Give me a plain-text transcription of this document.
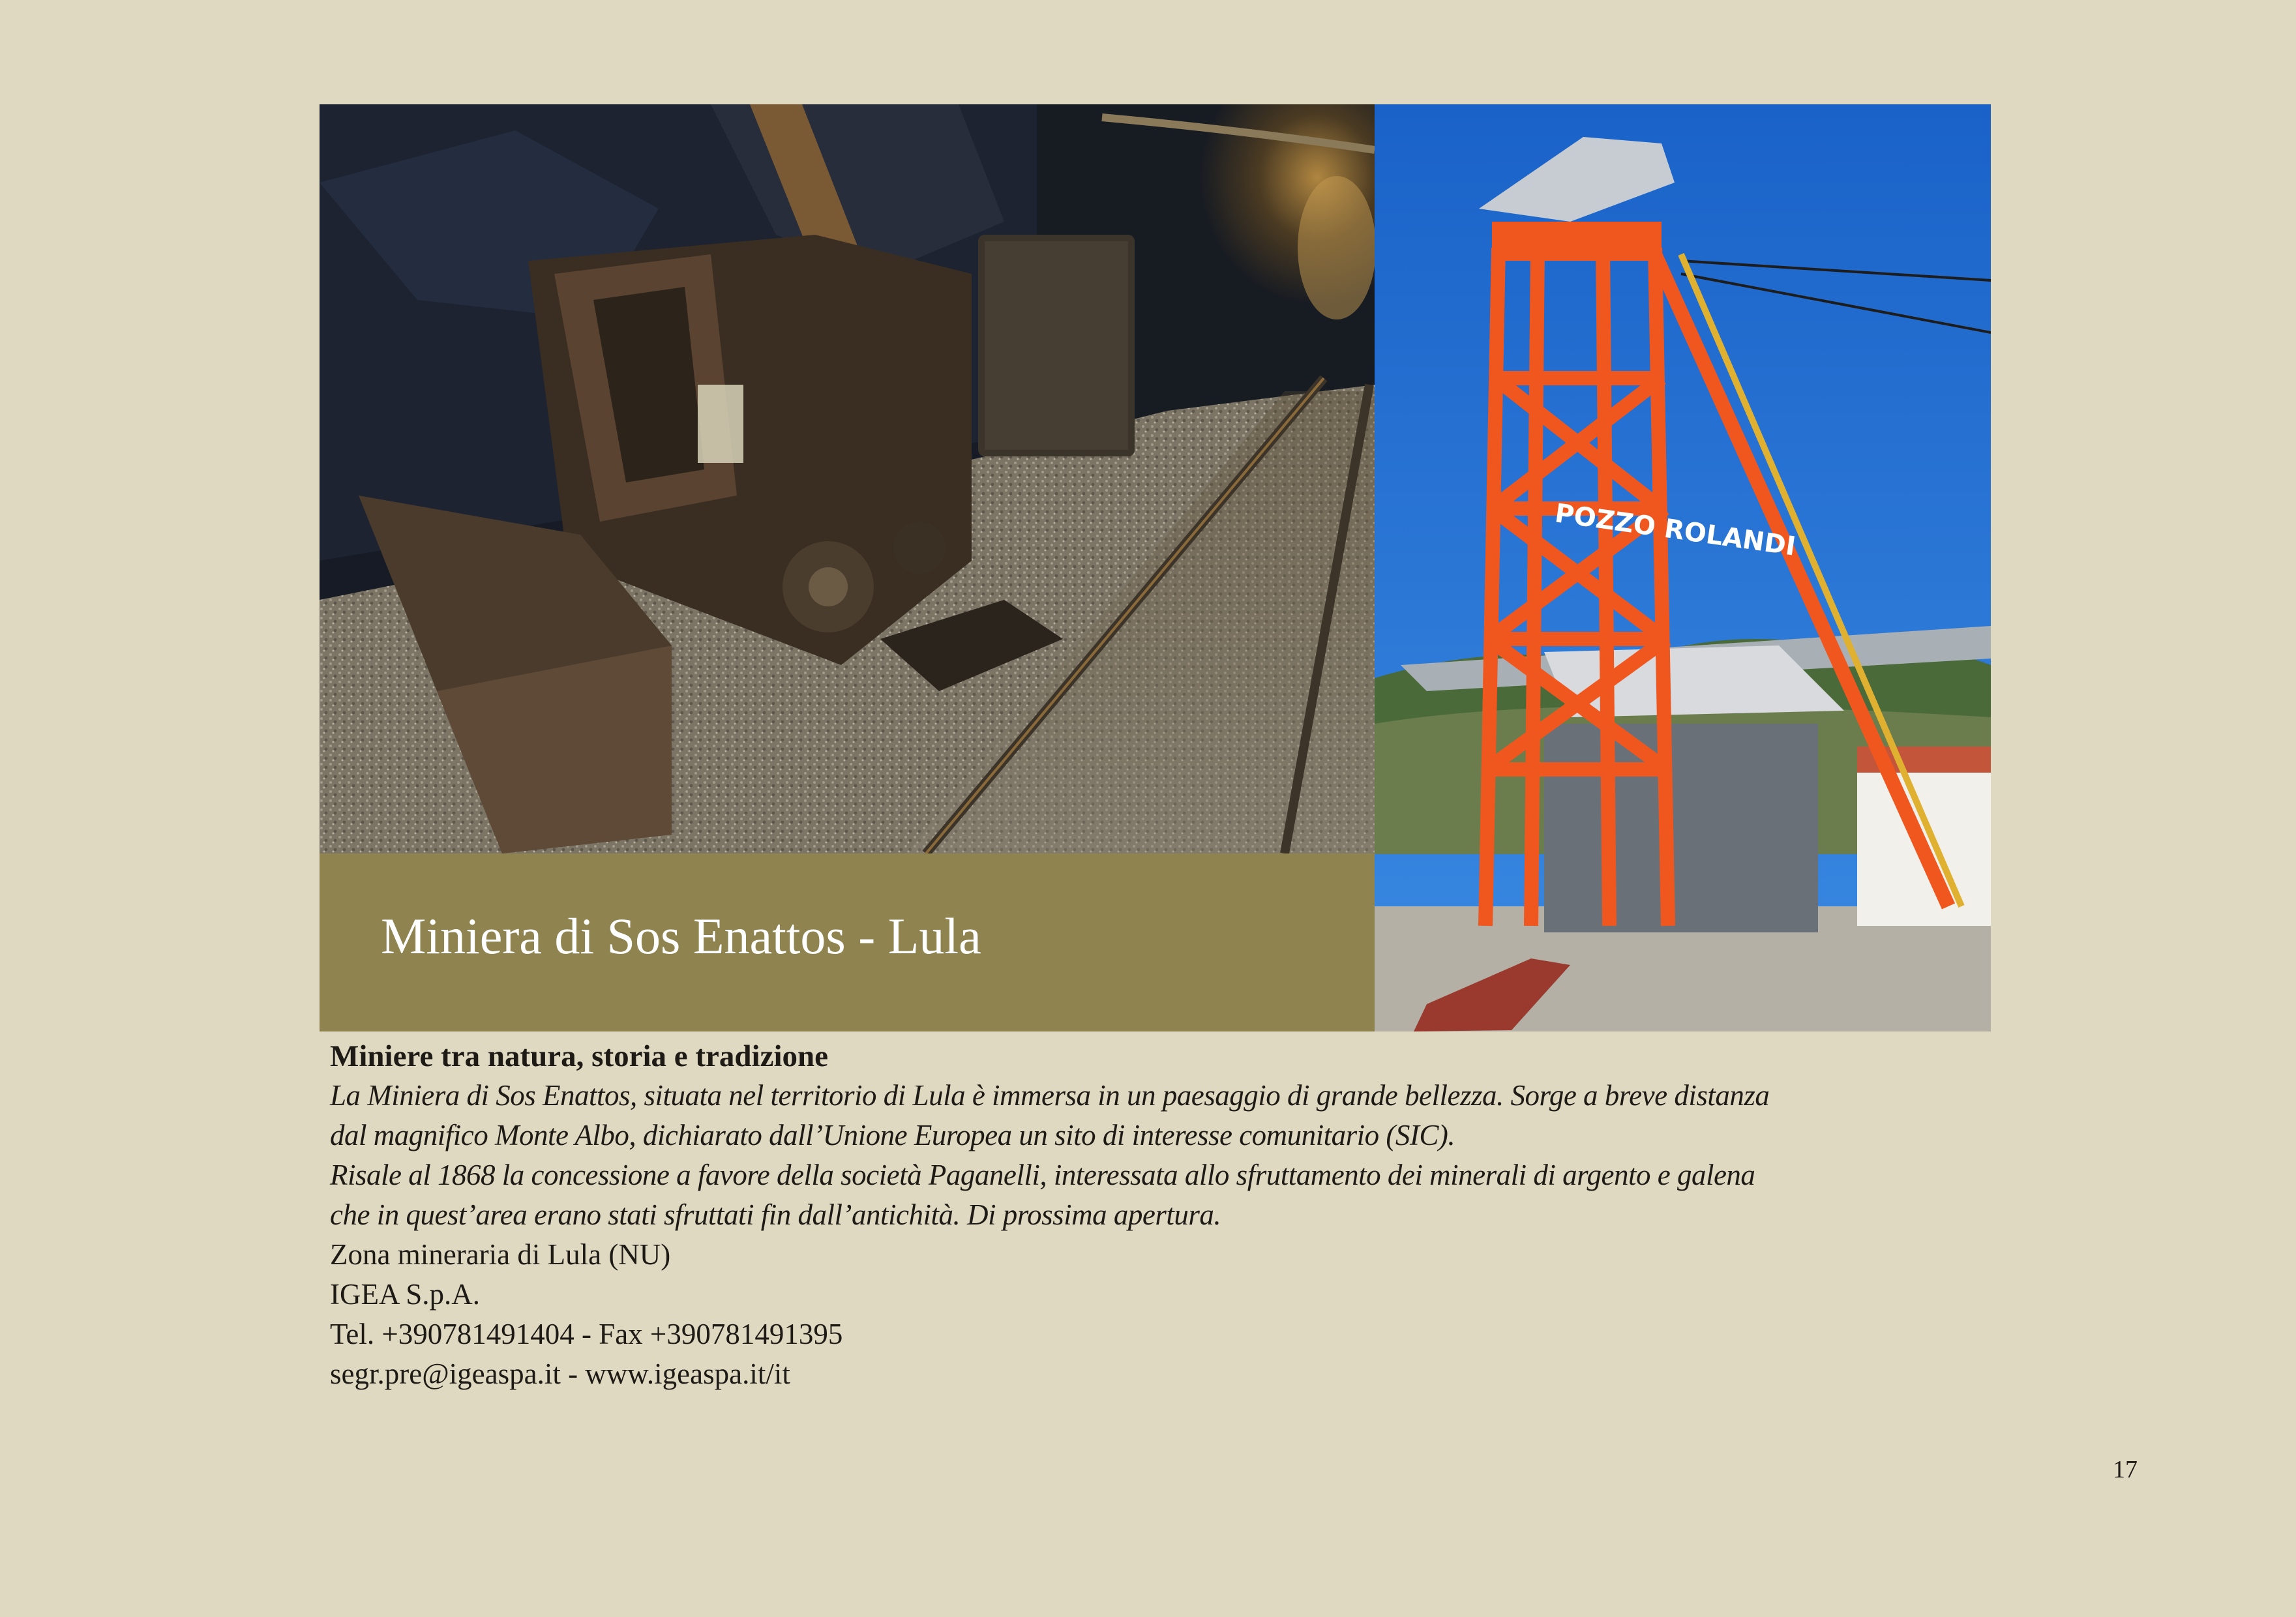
POZZO ROLANDI
Miniera di Sos Enattos - Lula

Miniere tra natura, storia e tradizione

La Miniera di Sos Enattos, situata nel territorio di Lula è immersa in un paesaggio di grande bellezza. Sorge a breve distanza

dal magnifico Monte Albo, dichiarato dall’Unione Europea un sito di interesse comunitario (SIC).

Risale al 1868 la concessione a favore della società Paganelli, interessata allo sfruttamento dei minerali di argento e galena

che in quest’area erano stati sfruttati fin dall’antichità. Di prossima apertura.

Zona mineraria di Lula (NU)

IGEA S.p.A.

Tel. +390781491404 - Fax +390781491395

segr.pre@igeaspa.it - www.igeaspa.it/it

17
